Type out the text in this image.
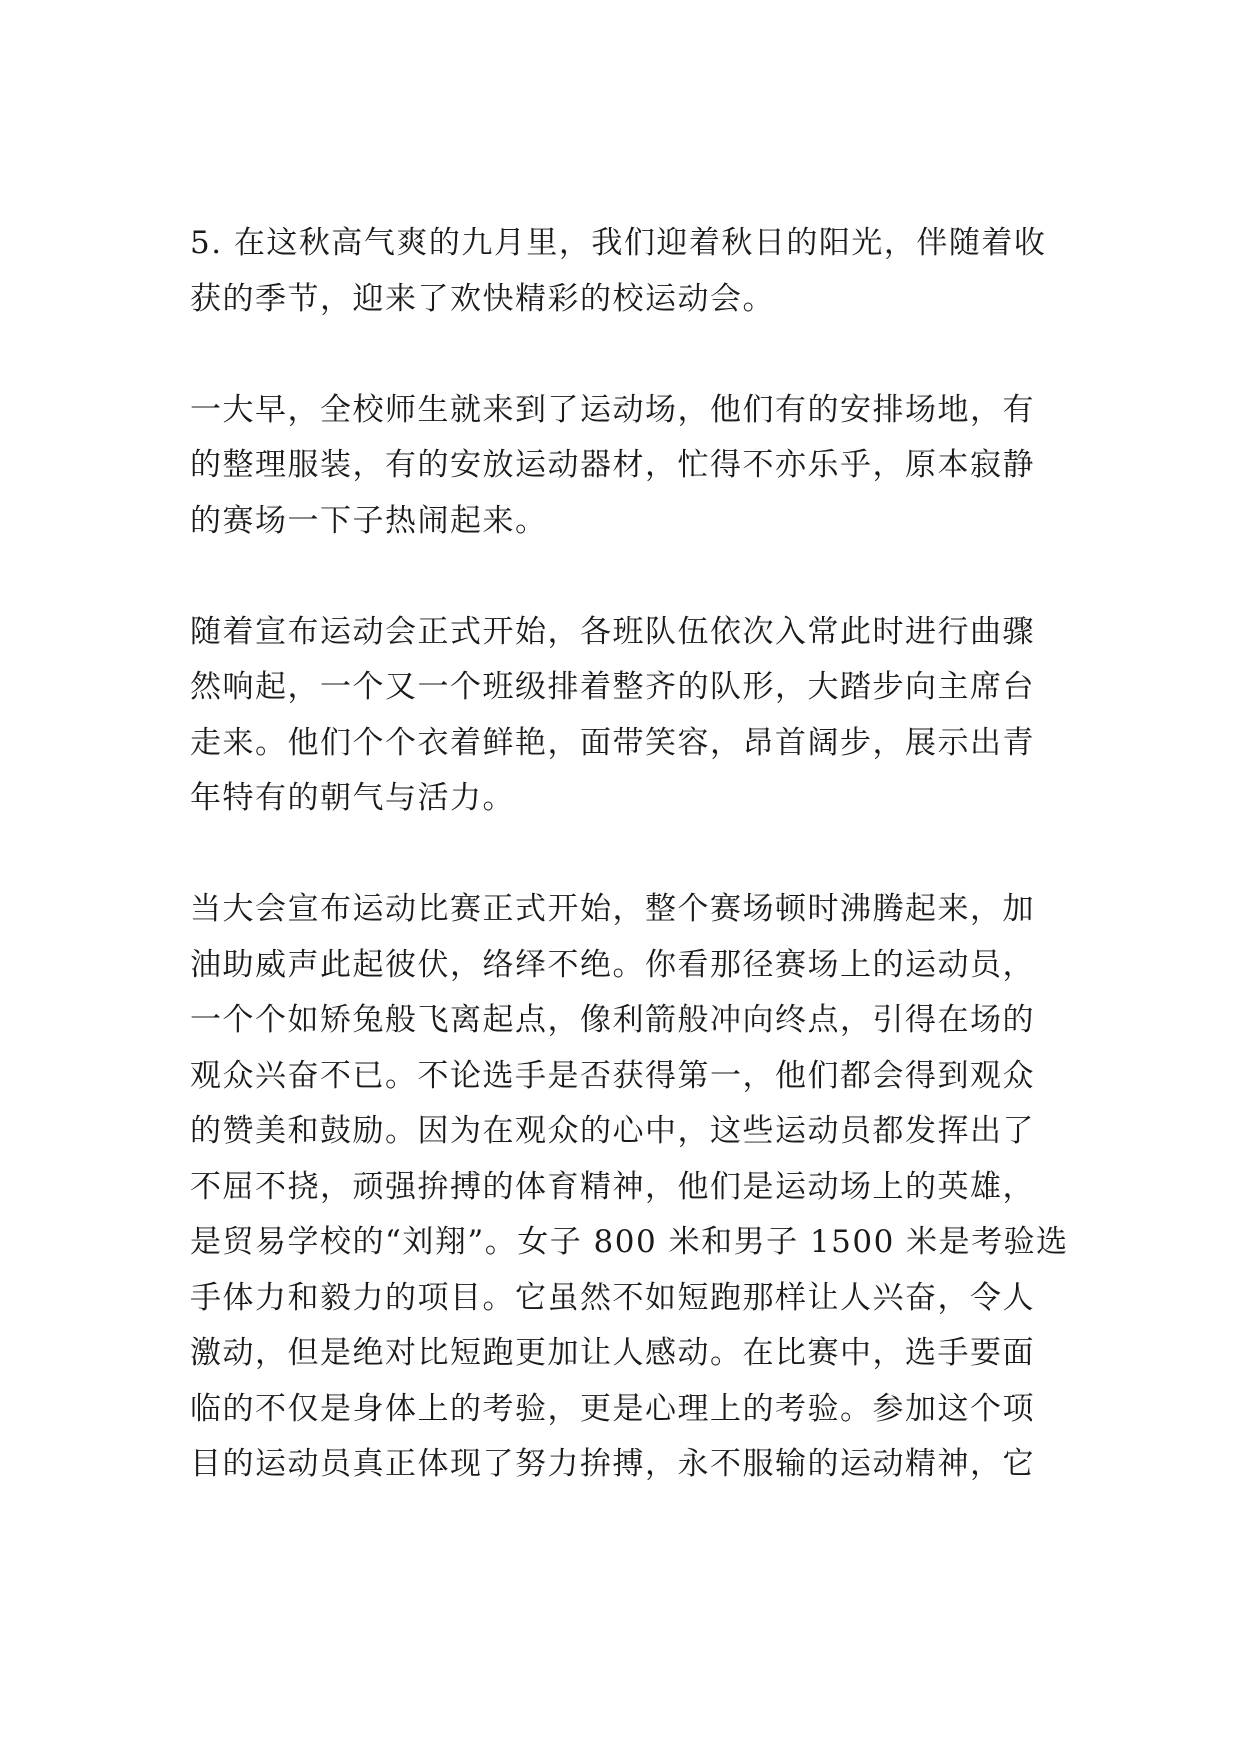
5. 在这秋高气爽的九月里，我们迎着秋日的阳光，伴随着收
获的季节，迎来了欢快精彩的校运动会。
一大早，全校师生就来到了运动场，他们有的安排场地，有
的整理服装，有的安放运动器材，忙得不亦乐乎，原本寂静
的赛场一下子热闹起来。
随着宣布运动会正式开始，各班队伍依次入常此时进行曲骤
然响起，一个又一个班级排着整齐的队形，大踏步向主席台
走来。他们个个衣着鲜艳，面带笑容，昂首阔步，展示出青
年特有的朝气与活力。
当大会宣布运动比赛正式开始，整个赛场顿时沸腾起来，加
油助威声此起彼伏，络绎不绝。你看那径赛场上的运动员，
一个个如矫兔般飞离起点，像利箭般冲向终点，引得在场的
观众兴奋不已。不论选手是否获得第一，他们都会得到观众
的赞美和鼓励。因为在观众的心中，这些运动员都发挥出了
不屈不挠，顽强拚搏的体育精神，他们是运动场上的英雄，
是贸易学校的“刘翔”。女子 800 米和男子 1500 米是考验选
手体力和毅力的项目。它虽然不如短跑那样让人兴奋，令人
激动，但是绝对比短跑更加让人感动。在比赛中，选手要面
临的不仅是身体上的考验，更是心理上的考验。参加这个项
目的运动员真正体现了努力拚搏，永不服输的运动精神，它
